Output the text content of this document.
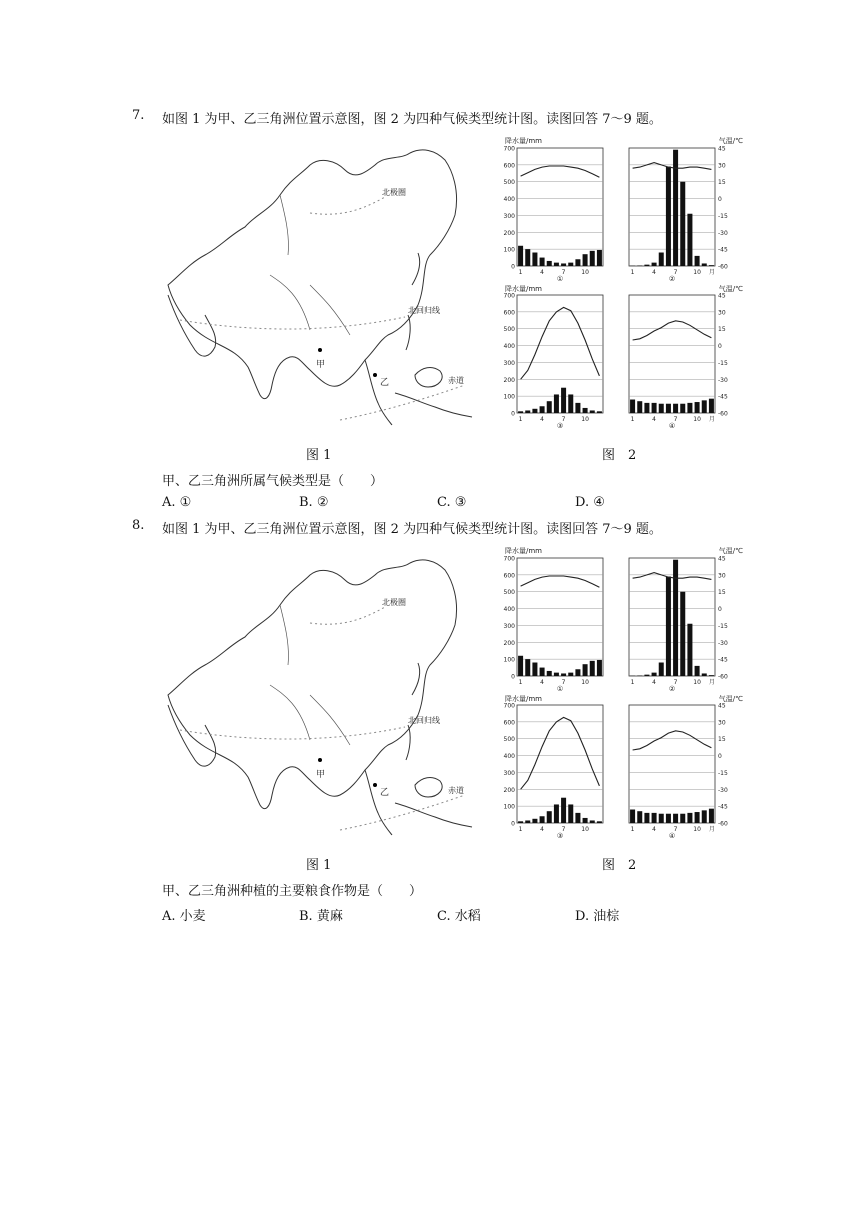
7. 如图 1 为甲、乙三角洲位置示意图，图 2 为四种气候类型统计图。读图回答 7～9 题。
北极圈
北回归线
赤道
甲
乙
降水量/mm	气温/℃
降水量/mm	气温/℃
700
600
500
400
300
200
100
0
1	4	7	10
①
45
30
15
0
-15
-30
-45
-60
1	4	7	10 月
②
700
600
500
400
300
200
100
0
1	4	7	10
③
45
30
15
0
-15
-30
-45
-60
1	4	7	10 月
④
图 1	图　2
甲、乙三角洲所属气候类型是（　　）
A. ①	B. ②	C. ③	D. ④
8. 如图 1 为甲、乙三角洲位置示意图，图 2 为四种气候类型统计图。读图回答 7～9 题。
北极圈
北回归线
赤道
甲
乙
降水量/mm	气温/℃
降水量/mm	气温/℃
700
600
500
400
300
200
100
0
1	4	7	10
①
45
30
15
0
-15
-30
-45
-60
1	4	7	10 月
②
700
600
500
400
300
200
100
0
1	4	7	10
③
45
30
15
0
-15
-30
-45
-60
1	4	7	10 月
④
图 1	图　2
甲、乙三角洲种植的主要粮食作物是（　　）
A. 小麦	B. 黄麻	C. 水稻	D. 油棕
